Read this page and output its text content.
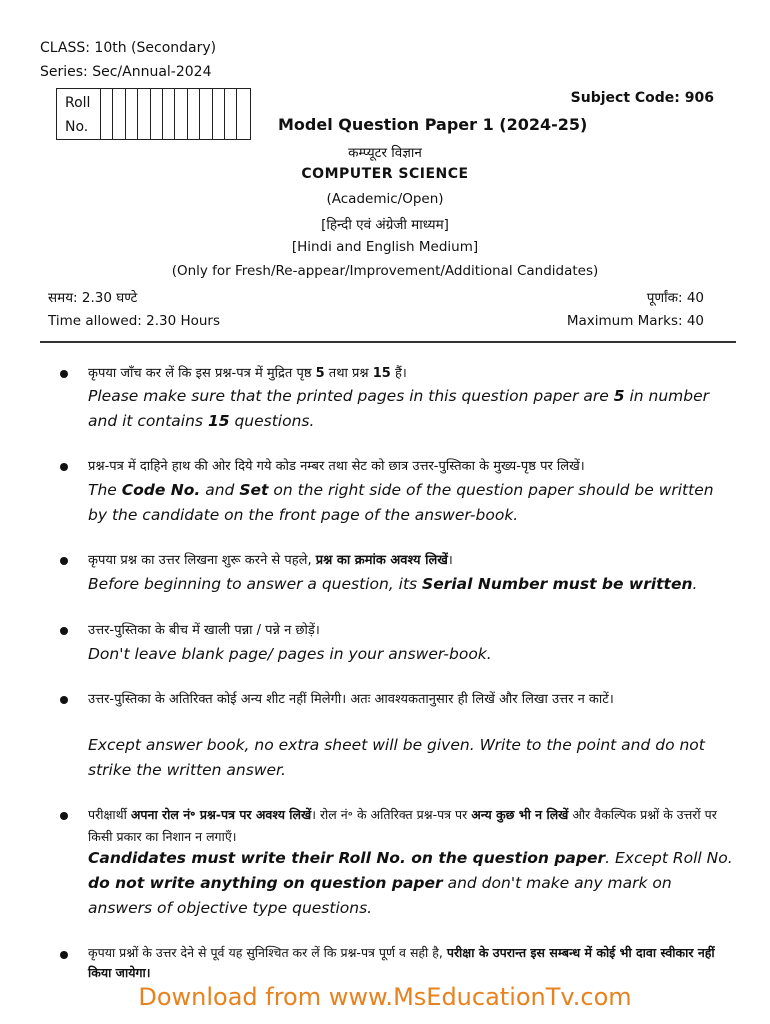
CLASS: 10th (Secondary)
Series: Sec/Annual-2024
Roll
No.
Subject Code: 906
Model Question Paper 1 (2024-25)
कम्प्यूटर विज्ञान
COMPUTER SCIENCE
(Academic/Open)
[हिन्दी एवं अंग्रेजी माध्यम]
[Hindi and English Medium]
(Only for Fresh/Re-appear/Improvement/Additional Candidates)
समय: 2.30 घण्टे	पूर्णांक: 40
Time allowed: 2.30 Hours	Maximum Marks: 40
कृपया जाँच कर लें कि इस प्रश्न-पत्र में मुद्रित पृष्ठ 5 तथा प्रश्न 15 हैं।
Please make sure that the printed pages in this question paper are 5 in number and it contains 15 questions.
प्रश्न-पत्र में दाहिने हाथ की ओर दिये गये कोड नम्बर तथा सेट को छात्र उत्तर-पुस्तिका के मुख्य-पृष्ठ पर लिखें।
The Code No. and Set on the right side of the question paper should be written by the candidate on the front page of the answer-book.
कृपया प्रश्न का उत्तर लिखना शुरू करने से पहले, प्रश्न का क्रमांक अवश्य लिखें।
Before beginning to answer a question, its Serial Number must be written.
उत्तर-पुस्तिका के बीच में खाली पन्ना / पन्ने न छोड़ें।
Don't leave blank page/ pages in your answer-book.
उत्तर-पुस्तिका के अतिरिक्त कोई अन्य शीट नहीं मिलेगी। अतः आवश्यकतानुसार ही लिखें और लिखा उत्तर न काटें।
Except answer book, no extra sheet will be given. Write to the point and do not strike the written answer.
परीक्षार्थी अपना रोल नं॰ प्रश्न-पत्र पर अवश्य लिखें। रोल नं॰ के अतिरिक्त प्रश्न-पत्र पर अन्य कुछ भी न लिखें और वैकल्पिक प्रश्नों के उत्तरों पर किसी प्रकार का निशान न लगाएँ।
Candidates must write their Roll No. on the question paper. Except Roll No. do not write anything on question paper and don't make any mark on answers of objective type questions.
कृपया प्रश्नों के उत्तर देने से पूर्व यह सुनिश्चित कर लें कि प्रश्न-पत्र पूर्ण व सही है, परीक्षा के उपरान्त इस सम्बन्ध में कोई भी दावा स्वीकार नहीं किया जायेगा।
Download from www.MsEducationTv.com
